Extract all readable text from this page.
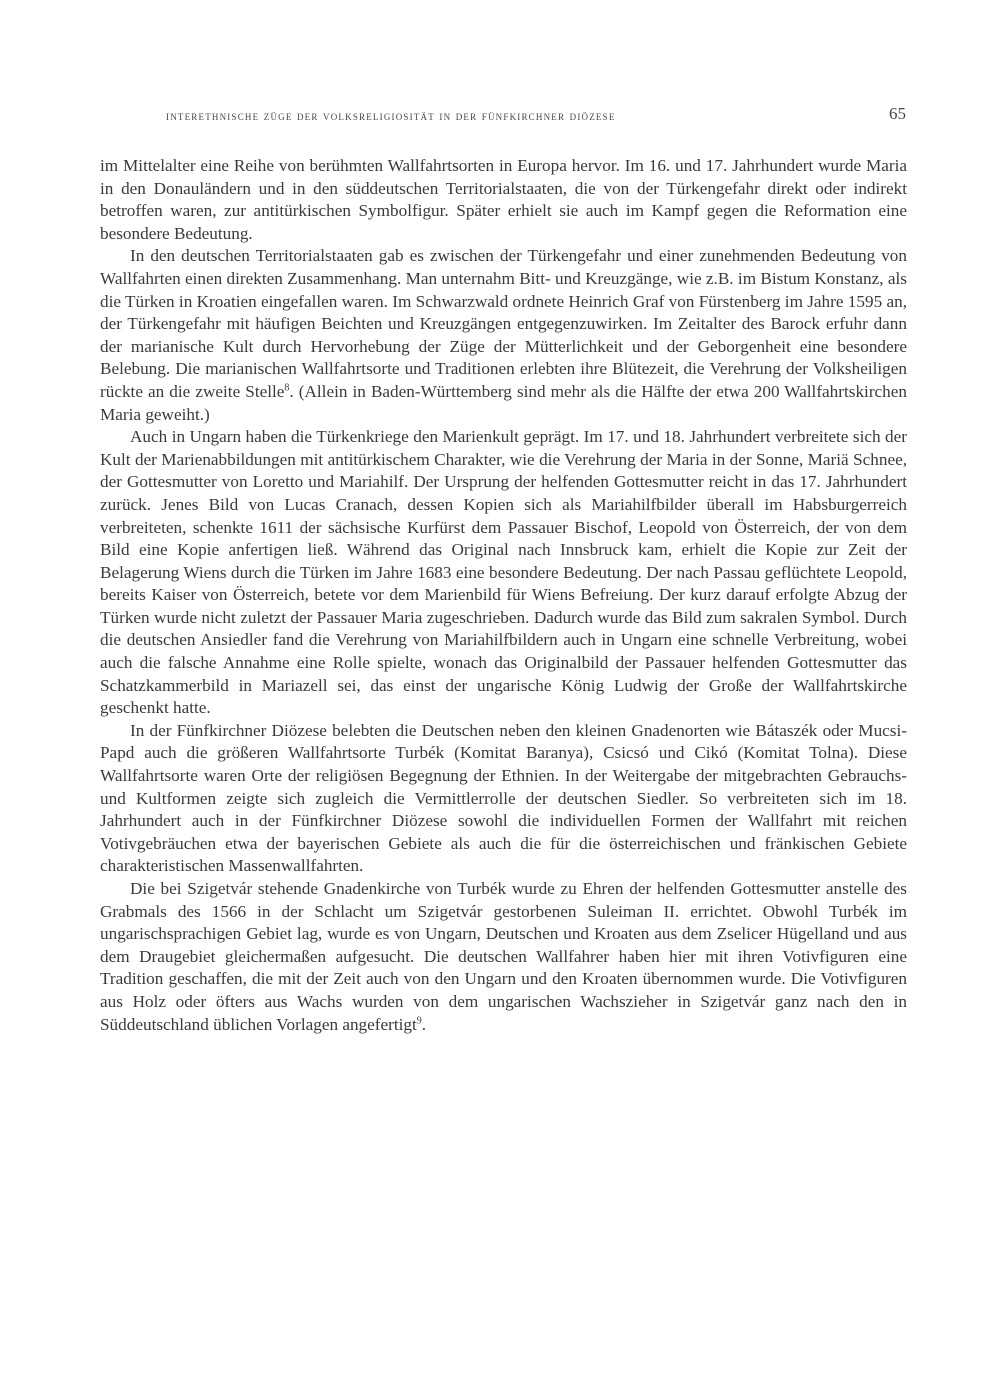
interethnische züge der volksreligiosität in der fünfkirchner diözese	65

im Mittelalter eine Reihe von berühmten Wallfahrtsorten in Europa hervor. Im 16. und 17. Jahrhundert wurde Maria in den Donauländern und in den süddeutschen Territorialstaaten, die von der Türkengefahr direkt oder indirekt betroffen waren, zur antitürkischen Symbolfigur. Später erhielt sie auch im Kampf gegen die Reformation eine besondere Bedeutung.

In den deutschen Territorialstaaten gab es zwischen der Türkengefahr und einer zunehmenden Bedeutung von Wallfahrten einen direkten Zusammenhang. Man unternahm Bitt- und Kreuzgänge, wie z.B. im Bistum Konstanz, als die Türken in Kroatien eingefallen waren. Im Schwarzwald ordnete Heinrich Graf von Fürstenberg im Jahre 1595 an, der Türkengefahr mit häufigen Beichten und Kreuzgängen entgegenzuwirken. Im Zeitalter des Barock erfuhr dann der marianische Kult durch Hervorhebung der Züge der Mütterlichkeit und der Geborgenheit eine besondere Belebung. Die marianischen Wallfahrtsorte und Traditionen erlebten ihre Blütezeit, die Verehrung der Volksheiligen rückte an die zweite Stelle$^8$. (Allein in Baden-Württemberg sind mehr als die Hälfte der etwa 200 Wallfahrtskirchen Maria geweiht.)

Auch in Ungarn haben die Türkenkriege den Marienkult geprägt. Im 17. und 18. Jahrhundert verbreitete sich der Kult der Marienabbildungen mit antitürkischem Charakter, wie die Verehrung der Maria in der Sonne, Mariä Schnee, der Gottesmutter von Loretto und Mariahilf. Der Ursprung der helfenden Gottesmutter reicht in das 17. Jahrhundert zurück. Jenes Bild von Lucas Cranach, dessen Kopien sich als Mariahilfbilder überall im Habsburgerreich verbreiteten, schenkte 1611 der sächsische Kurfürst dem Passauer Bischof, Leopold von Österreich, der von dem Bild eine Kopie anfertigen ließ. Während das Original nach Innsbruck kam, erhielt die Kopie zur Zeit der Belagerung Wiens durch die Türken im Jahre 1683 eine besondere Bedeutung. Der nach Passau geflüchtete Leopold, bereits Kaiser von Österreich, betete vor dem Marienbild für Wiens Befreiung. Der kurz darauf erfolgte Abzug der Türken wurde nicht zuletzt der Passauer Maria zugeschrieben. Dadurch wurde das Bild zum sakralen Symbol. Durch die deutschen Ansiedler fand die Verehrung von Mariahilfbildern auch in Ungarn eine schnelle Verbreitung, wobei auch die falsche Annahme eine Rolle spielte, wonach das Originalbild der Passauer helfenden Gottesmutter das Schatzkammerbild in Mariazell sei, das einst der ungarische König Ludwig der Große der Wallfahrtskirche geschenkt hatte.

In der Fünfkirchner Diözese belebten die Deutschen neben den kleinen Gnadenorten wie Bátaszék oder Mucsi-Papd auch die größeren Wallfahrtsorte Turbék (Komitat Baranya), Csicsó und Cikó (Komitat Tolna). Diese Wallfahrtsorte waren Orte der religiösen Begegnung der Ethnien. In der Weitergabe der mitgebrachten Gebrauchs- und Kultformen zeigte sich zugleich die Vermittlerrolle der deutschen Siedler. So verbreiteten sich im 18. Jahrhundert auch in der Fünfkirchner Diözese sowohl die individuellen Formen der Wallfahrt mit reichen Votivgebräuchen etwa der bayerischen Gebiete als auch die für die österreichischen und fränkischen Gebiete charakteristischen Massenwallfahrten.

Die bei Szigetvár stehende Gnadenkirche von Turbék wurde zu Ehren der helfenden Gottesmutter anstelle des Grabmals des 1566 in der Schlacht um Szigetvár gestorbenen Suleiman II. errichtet. Obwohl Turbék im ungarischsprachigen Gebiet lag, wurde es von Ungarn, Deutschen und Kroaten aus dem Zselicer Hügelland und aus dem Draugebiet gleichermaßen aufgesucht. Die deutschen Wallfahrer haben hier mit ihren Votivfiguren eine Tradition geschaffen, die mit der Zeit auch von den Ungarn und den Kroaten übernommen wurde. Die Votivfiguren aus Holz oder öfters aus Wachs wurden von dem ungarischen Wachszieher in Szigetvár ganz nach den in Süddeutschland üblichen Vorlagen angefertigt$^9$.
